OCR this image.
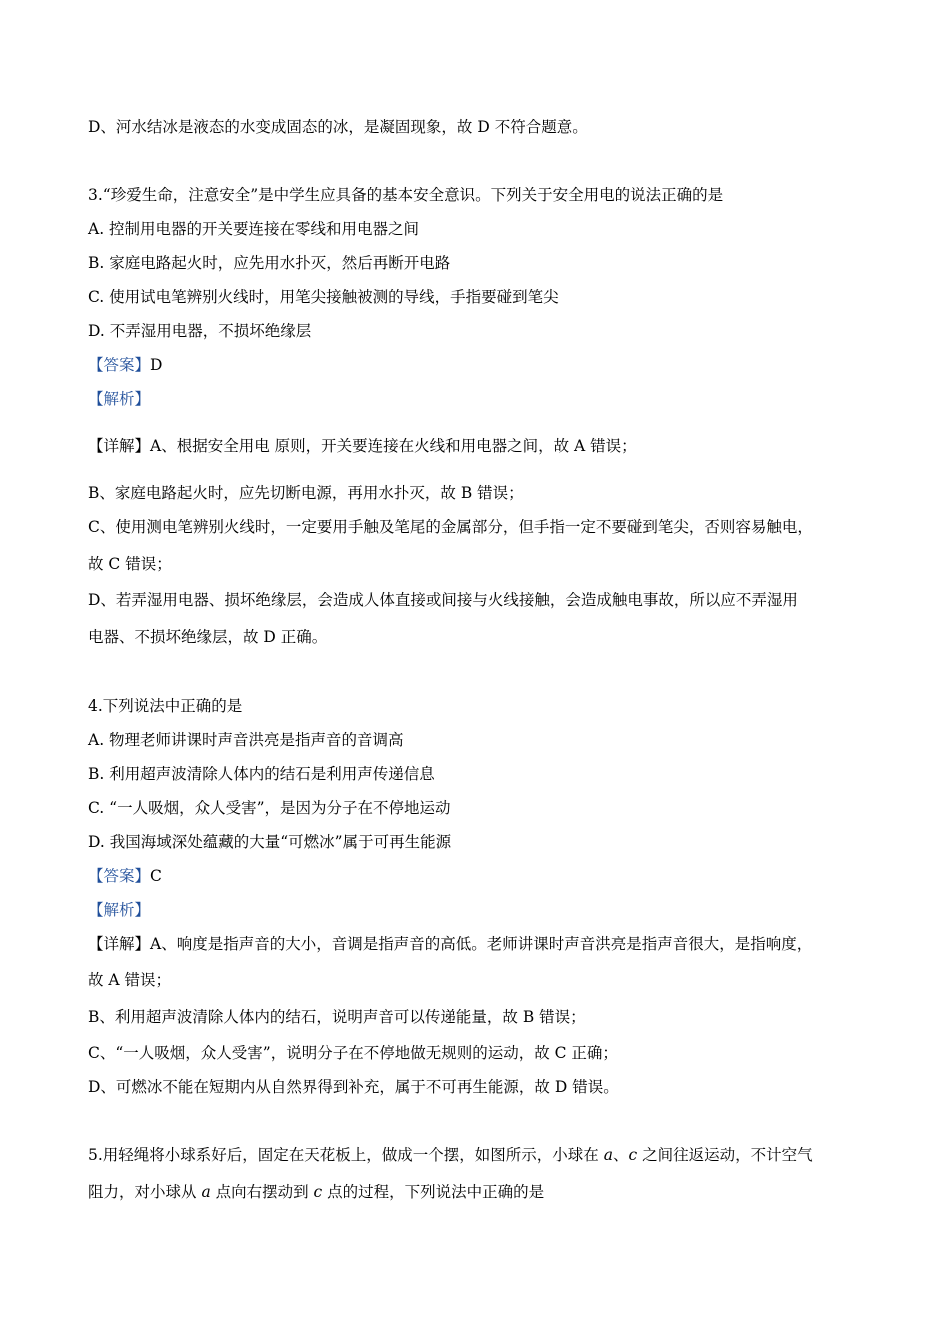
D、河水结冰是液态的水变成固态的冰，是凝固现象，故 D 不符合题意。
3.“珍爱生命，注意安全”是中学生应具备的基本安全意识。下列关于安全用电的说法正确的是
A. 控制用电器的开关要连接在零线和用电器之间
B. 家庭电路起火时，应先用水扑灭，然后再断开电路
C. 使用试电笔辨别火线时，用笔尖接触被测的导线，手指要碰到笔尖
D. 不弄湿用电器，不损坏绝缘层
【答案】D
【解析】
【详解】A、根据安全用电 原则，开关要连接在火线和用电器之间，故 A 错误；
B、家庭电路起火时，应先切断电源，再用水扑灭，故 B 错误；
C、使用测电笔辨别火线时，一定要用手触及笔尾的金属部分，但手指一定不要碰到笔尖，否则容易触电，
故 C 错误；
D、若弄湿用电器、损坏绝缘层，会造成人体直接或间接与火线接触，会造成触电事故，所以应不弄湿用
电器、不损坏绝缘层，故 D 正确。
4.下列说法中正确的是
A. 物理老师讲课时声音洪亮是指声音的音调高
B. 利用超声波清除人体内的结石是利用声传递信息
C. “一人吸烟，众人受害”，是因为分子在不停地运动
D. 我国海域深处蕴藏的大量“可燃冰”属于可再生能源
【答案】C
【解析】
【详解】A、响度是指声音的大小，音调是指声音的高低。老师讲课时声音洪亮是指声音很大，是指响度，
故 A 错误；
B、利用超声波清除人体内的结石，说明声音可以传递能量，故 B 错误；
C、“一人吸烟，众人受害”，说明分子在不停地做无规则的运动，故 C 正确；
D、可燃冰不能在短期内从自然界得到补充，属于不可再生能源，故 D 错误。
5.用轻绳将小球系好后，固定在天花板上，做成一个摆，如图所示，小球在 a、c 之间往返运动，不计空气
阻力，对小球从 a 点向右摆动到 c 点的过程，下列说法中正确的是
